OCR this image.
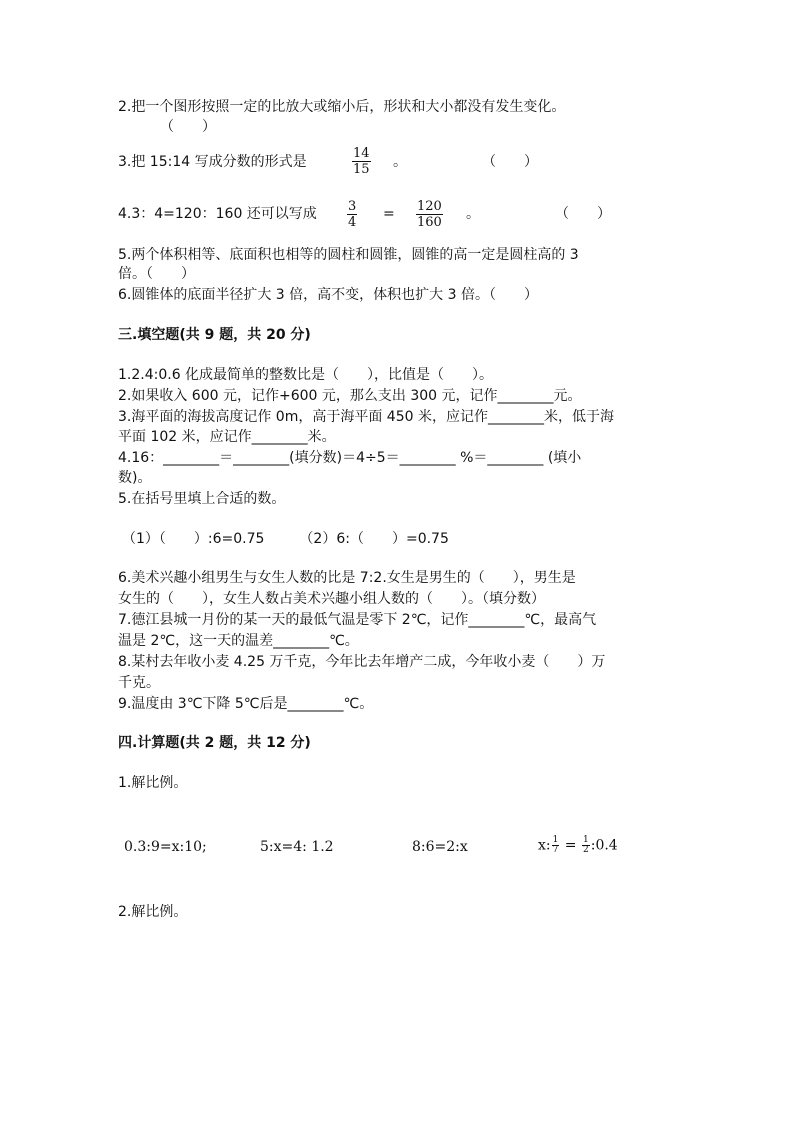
2.把一个图形按照一定的比放大或缩小后，形状和大小都没有发生变化。
（　　）
3.把 15:14 写成分数的形式是	$\frac{14}{15}$ 。	（　　）
4.3：4=120：160 还可以写成 $\frac{3}{4} = \frac{120}{160}$ 。	（　　）
5.两个体积相等、底面积也相等的圆柱和圆锥，圆锥的高一定是圆柱高的 3
倍。（　　）
6.圆锥体的底面半径扩大 3 倍，高不变，体积也扩大 3 倍。（　　）
三.填空题(共 9 题，共 20 分)
1.2.4:0.6 化成最简单的整数比是（　　），比值是（　　）。
2.如果收入 600 元，记作+600 元，那么支出 300 元，记作________元。
3.海平面的海拔高度记作 0m，高于海平面 450 米，应记作________米，低于海
平面 102 米，应记作________米。
4.16：________＝________(填分数)＝4÷5＝________ %＝________ (填小
数)。
5.在括号里填上合适的数。
（1）（　　）:6=0.75　　　（2）6:（　　）=0.75
6.美术兴趣小组男生与女生人数的比是 7:2.女生是男生的（　　），男生是
女生的（　　），女生人数占美术兴趣小组人数的（　　）。（填分数）
7.德江县城一月份的某一天的最低气温是零下 2℃，记作________℃，最高气
温是 2℃，这一天的温差________℃。
8.某村去年收小麦 4.25 万千克，今年比去年增产二成，今年收小麦（　　）万
千克。
9.温度由 3℃下降 5℃后是________℃。
四.计算题(共 2 题，共 12 分)
1.解比例。
0.3:9=x:10;	5:x=4: 1.2	8:6=2:x	x: $\frac{1}{7} = \frac{1}{2}$ :0.4
2.解比例。
